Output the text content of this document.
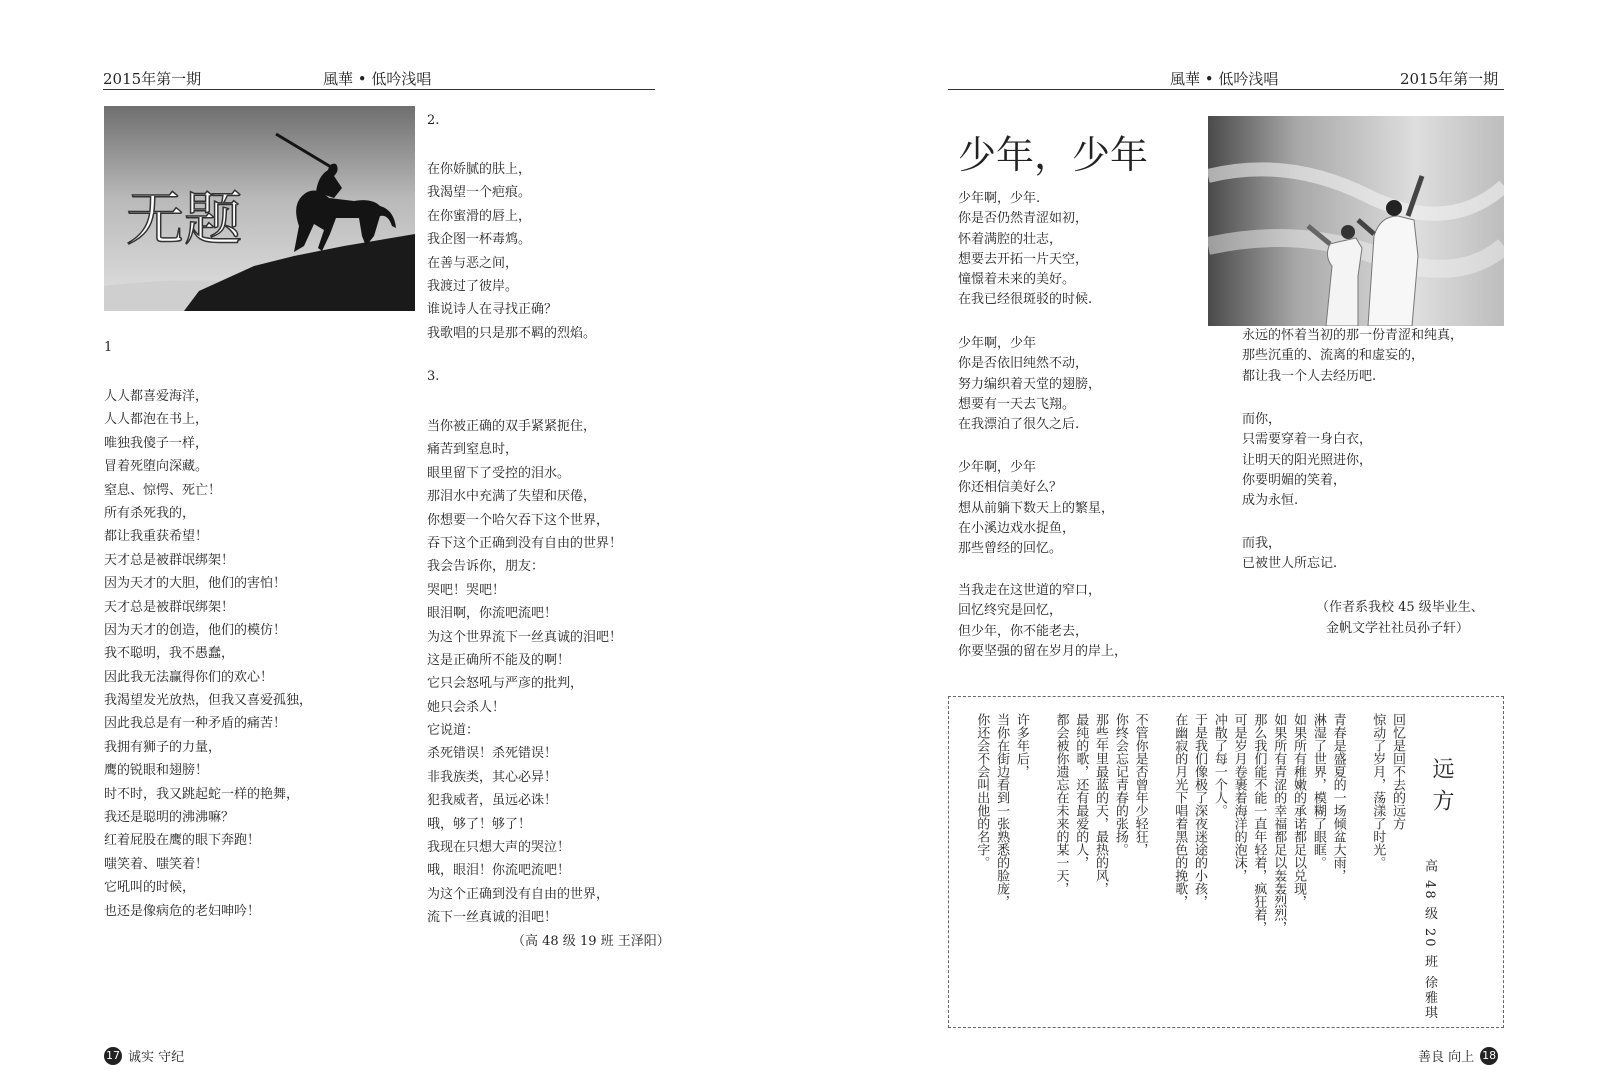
2015年第一期	風華 • 低吟浅唱
无题
1
人人都喜爱海洋，
人人都泡在书上，
唯独我傻子一样，
冒着死堕向深藏。
窒息、惊愕、死亡！
所有杀死我的，
都让我重获希望！
天才总是被群氓绑架！
因为天才的大胆，他们的害怕！
天才总是被群氓绑架！
因为天才的创造，他们的模仿！
我不聪明，我不愚蠢，
因此我无法赢得你们的欢心！
我渴望发光放热，但我又喜爱孤独，
因此我总是有一种矛盾的痛苦！
我拥有狮子的力量，
鹰的锐眼和翅膀！
时不时，我又跳起蛇一样的艳舞，
我还是聪明的沸沸嘛？
红着屁股在鹰的眼下奔跑！
嗤笑着、嗤笑着！
它吼叫的时候，
也还是像病危的老妇呻吟！
2.
在你娇腻的肤上，
我渴望一个疤痕。
在你蜜滑的唇上，
我企图一杯毒鸩。
在善与恶之间，
我渡过了彼岸。
谁说诗人在寻找正确？
我歌唱的只是那不羁的烈焰。
3.
当你被正确的双手紧紧扼住，
痛苦到窒息时，
眼里留下了受控的泪水。
那泪水中充满了失望和厌倦，
你想要一个哈欠吞下这个世界，
吞下这个正确到没有自由的世界！
我会告诉你，朋友：
哭吧！哭吧！
眼泪啊，你流吧流吧！
为这个世界流下一丝真诚的泪吧！
这是正确所不能及的啊！
它只会怒吼与严彦的批判，
她只会杀人！
它说道：
杀死错误！杀死错误！
非我族类，其心必异！
犯我威者，虽远必诛！
哦，够了！够了！
我现在只想大声的哭泣！
哦，眼泪！你流吧流吧！
为这个正确到没有自由的世界，
流下一丝真诚的泪吧！
（高 48 级 19 班 王泽阳）
17 诚实 守纪
風華 • 低吟浅唱	2015年第一期
少年，少年
少年啊，少年.
你是否仍然青涩如初，
怀着满腔的壮志，
想要去开拓一片天空，
憧憬着未来的美好。
在我已经很斑驳的时候.
少年啊，少年
你是否依旧纯然不动，
努力编织着天堂的翅膀，
想要有一天去飞翔。
在我漂泊了很久之后.
少年啊，少年
你还相信美好么？
想从前躺下数天上的繁星，
在小溪边戏水捉鱼，
那些曾经的回忆。
当我走在这世道的窄口，
回忆终究是回忆，
但少年，你不能老去，
你要坚强的留在岁月的岸上，
永远的怀着当初的那一份青涩和纯真，
那些沉重的、流离的和虚妄的，
都让我一个人去经历吧.
而你，
只需要穿着一身白衣，
让明天的阳光照进你，
你要明媚的笑着，
成为永恒.
而我，
已被世人所忘记.
（作者系我校 45 级毕业生、
金帆文学社社员孙子轩）
远方
高 48 级 20 班 徐雅琪
回忆是回不去的远方
惊动了岁月，荡漾了时光。

青春是盛夏的一场倾盆大雨，
淋湿了世界，模糊了眼眶。
如果所有稚嫩的承诺都足以兑现，
如果所有青涩的幸福都足以轰轰烈烈，
那么我们能不能一直年轻着，疯狂着，
可是岁月卷裹着海洋的泡沫，
冲散了每一个人。
于是我们像极了深夜迷途的小孩，
在幽寂的月光下唱着黑色的挽歌，

不管你是否曾年少轻狂，
你终会忘记青春的张扬。
那些年里最蓝的天，最热的风，
最纯的歌，还有最爱的人，
都会被你遗忘在未来的某一天，

许多年后，
当你在街边看到一张熟悉的脸庞，
你还会不会叫出他的名字。
善良 向上 18
